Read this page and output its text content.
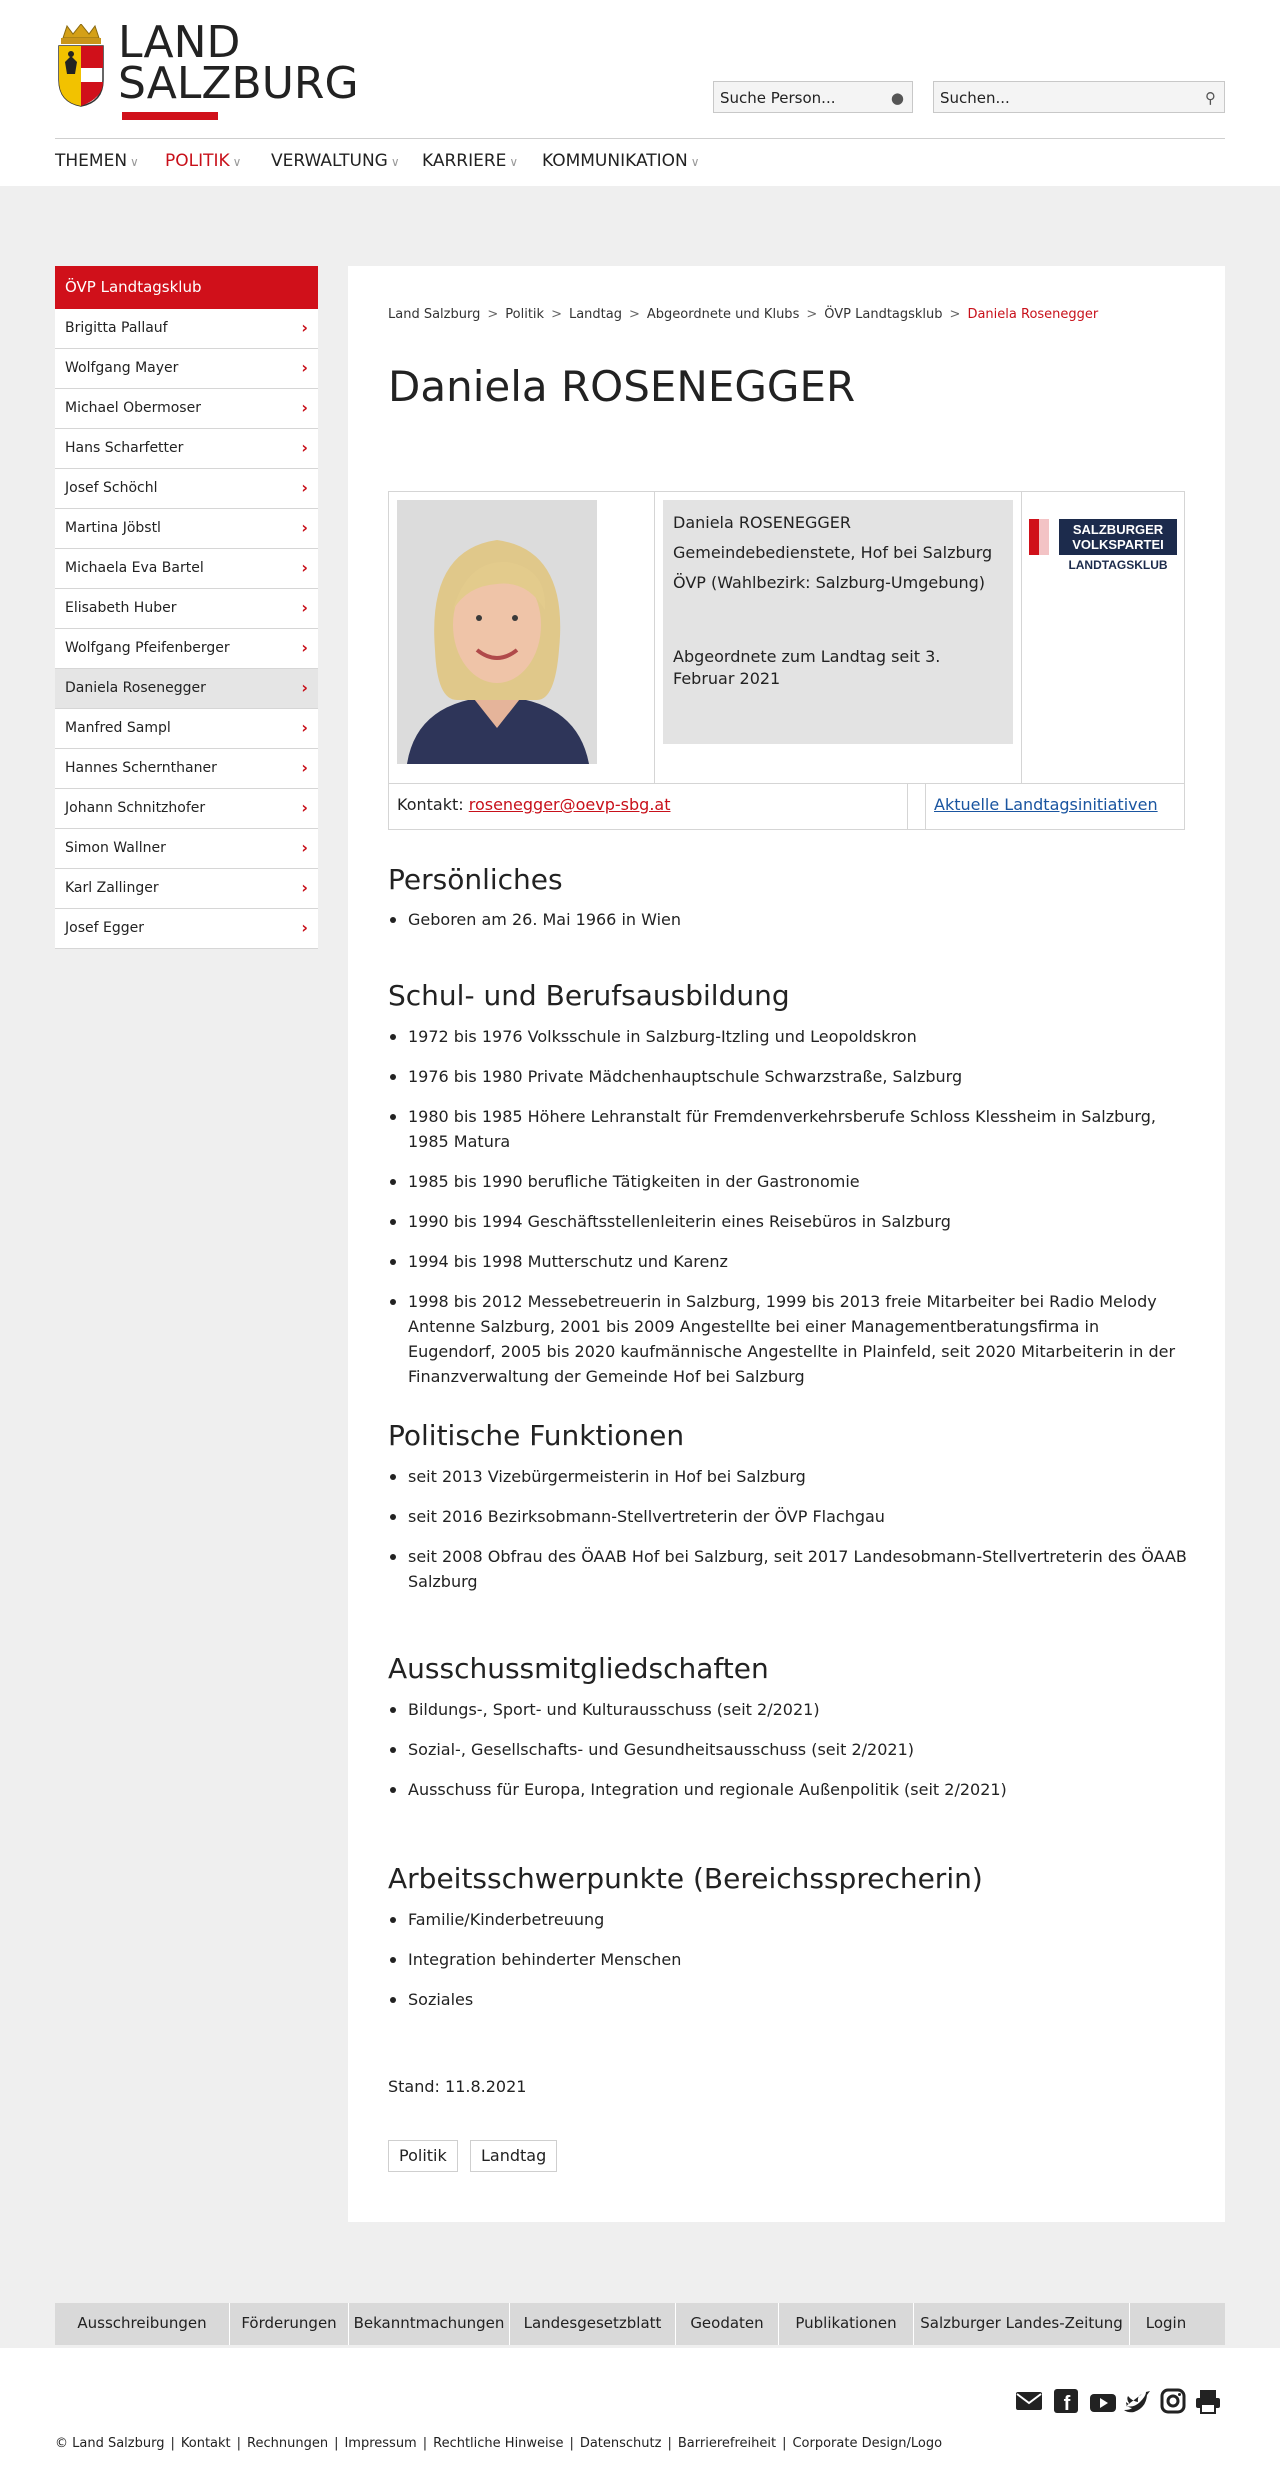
LAND
SALZBURG	Suche Person...	●	Suchen...	⚲
THEMEN ∨ POLITIK ∨ VERWALTUNG ∨ KARRIERE ∨ KOMMUNIKATION ∨
ÖVP Landtagsklub
Brigitta Pallauf	›
Wolfgang Mayer	›
Michael Obermoser	›
Hans Scharfetter	›
Josef Schöchl	›
Martina Jöbstl	›
Michaela Eva Bartel	›
Elisabeth Huber	›
Wolfgang Pfeifenberger	›
Daniela Rosenegger	›
Manfred Sampl	›
Hannes Schernthaner	›
Johann Schnitzhofer	›
Simon Wallner	›
Karl Zallinger	›
Josef Egger	›
Land Salzburg > Politik > Landtag > Abgeordnete und Klubs > ÖVP Landtagsklub > Daniela Rosenegger
Daniela ROSENEGGER

Daniela ROSENEGGER

Gemeindebedienstete, Hof bei Salzburg

ÖVP (Wahlbezirk: Salzburg-Umgebung)

Abgeordnete zum Landtag seit 3. Februar 2021

SALZBURGER
VOLKSPARTEI
LANDTAGSKLUB
Kontakt: rosenegger@oevp-sbg.at	Aktuelle Landtagsinitiativen
Persönliches
Geboren am 26. Mai 1966 in Wien
Schul- und Berufsausbildung
1972 bis 1976 Volksschule in Salzburg-Itzling und Leopoldskron
1976 bis 1980 Private Mädchenhauptschule Schwarzstraße, Salzburg
1980 bis 1985 Höhere Lehranstalt für Fremdenverkehrsberufe Schloss Klessheim in Salzburg, 1985 Matura
1985 bis 1990 berufliche Tätigkeiten in der Gastronomie
1990 bis 1994 Geschäftsstellenleiterin eines Reisebüros in Salzburg
1994 bis 1998 Mutterschutz und Karenz
1998 bis 2012 Messebetreuerin in Salzburg, 1999 bis 2013 freie Mitarbeiter bei Radio Melody Antenne Salzburg, 2001 bis 2009 Angestellte bei einer Managementberatungsfirma in Eugendorf, 2005 bis 2020 kaufmännische Angestellte in Plainfeld, seit 2020 Mitarbeiterin in der Finanzverwaltung der Gemeinde Hof bei Salzburg
Politische Funktionen
seit 2013 Vizebürgermeisterin in Hof bei Salzburg
seit 2016 Bezirksobmann-Stellvertreterin der ÖVP Flachgau
seit 2008 Obfrau des ÖAAB Hof bei Salzburg, seit 2017 Landesobmann-Stellvertreterin des ÖAAB Salzburg
Ausschussmitgliedschaften
Bildungs-, Sport- und Kulturausschuss (seit 2/2021)
Sozial-, Gesellschafts- und Gesundheitsausschuss (seit 2/2021)
Ausschuss für Europa, Integration und regionale Außenpolitik (seit 2/2021)
Arbeitsschwerpunkte (Bereichssprecherin)
Familie/Kinderbetreuung
Integration behinderter Menschen
Soziales
Stand: 11.8.2021
Politik	Landtag
Ausschreibungen	Förderungen	Bekanntmachungen	Landesgesetzblatt	Geodaten	Publikationen	Salzburger Landes-Zeitung	Login
f
© Land Salzburg | Kontakt | Rechnungen | Impressum | Rechtliche Hinweise | Datenschutz | Barrierefreiheit | Corporate Design/Logo
